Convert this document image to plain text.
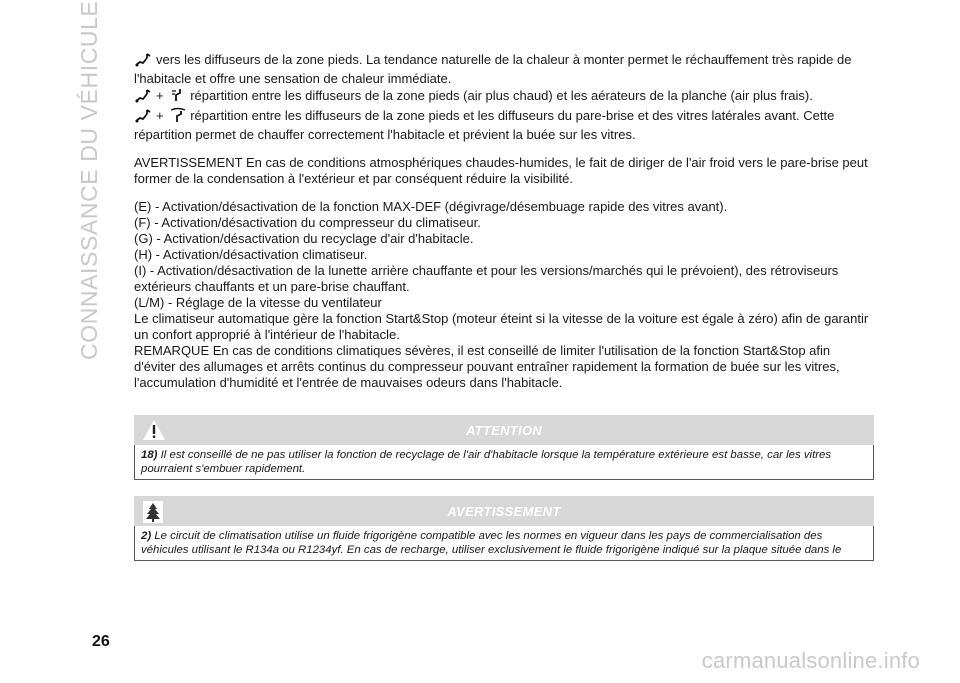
CONNAISSANCE DU VÉHICULE	vers les diffuseurs de la zone pieds. La tendance naturelle de la chaleur à monter permet le réchauffement très rapide de l'habitacle et offre une sensation de chaleur immédiate.

+ répartition entre les diffuseurs de la zone pieds (air plus chaud) et les aérateurs de la planche (air plus frais).

+ répartition entre les diffuseurs de la zone pieds et les diffuseurs du pare-brise et des vitres latérales avant. Cette répartition permet de chauffer correctement l'habitacle et prévient la buée sur les vitres.

AVERTISSEMENT En cas de conditions atmosphériques chaudes-humides, le fait de diriger de l'air froid vers le pare-brise peut former de la condensation à l'extérieur et par conséquent réduire la visibilité.

(E) - Activation/désactivation de la fonction MAX-DEF (dégivrage/désembuage rapide des vitres avant).

(F) - Activation/désactivation du compresseur du climatiseur.

(G) - Activation/désactivation du recyclage d'air d'habitacle.

(H) - Activation/désactivation climatiseur.

(I) - Activation/désactivation de la lunette arrière chauffante et pour les versions/marchés qui le prévoient), des rétroviseurs extérieurs chauffants et un pare-brise chauffant.

(L/M) - Réglage de la vitesse du ventilateur

Le climatiseur automatique gère la fonction Start&Stop (moteur éteint si la vitesse de la voiture est égale à zéro) afin de garantir un confort approprié à l'intérieur de l'habitacle.

REMARQUE En cas de conditions climatiques sévères, il est conseillé de limiter l'utilisation de la fonction Start&Stop afin d'éviter des allumages et arrêts continus du compresseur pouvant entraîner rapidement la formation de buée sur les vitres, l'accumulation d'humidité et l'entrée de mauvaises odeurs dans l'habitacle.

ATTENTION
18) Il est conseillé de ne pas utiliser la fonction de recyclage de l'air d'habitacle lorsque la température extérieure est basse, car les vitres pourraient s'embuer rapidement.
AVERTISSEMENT
2) Le circuit de climatisation utilise un fluide frigorigène compatible avec les normes en vigueur dans les pays de commercialisation des véhicules utilisant le R134a ou R1234yf. En cas de recharge, utiliser exclusivement le fluide frigorigène indiqué sur la plaque située dans le
26
carmanualsonline.info
